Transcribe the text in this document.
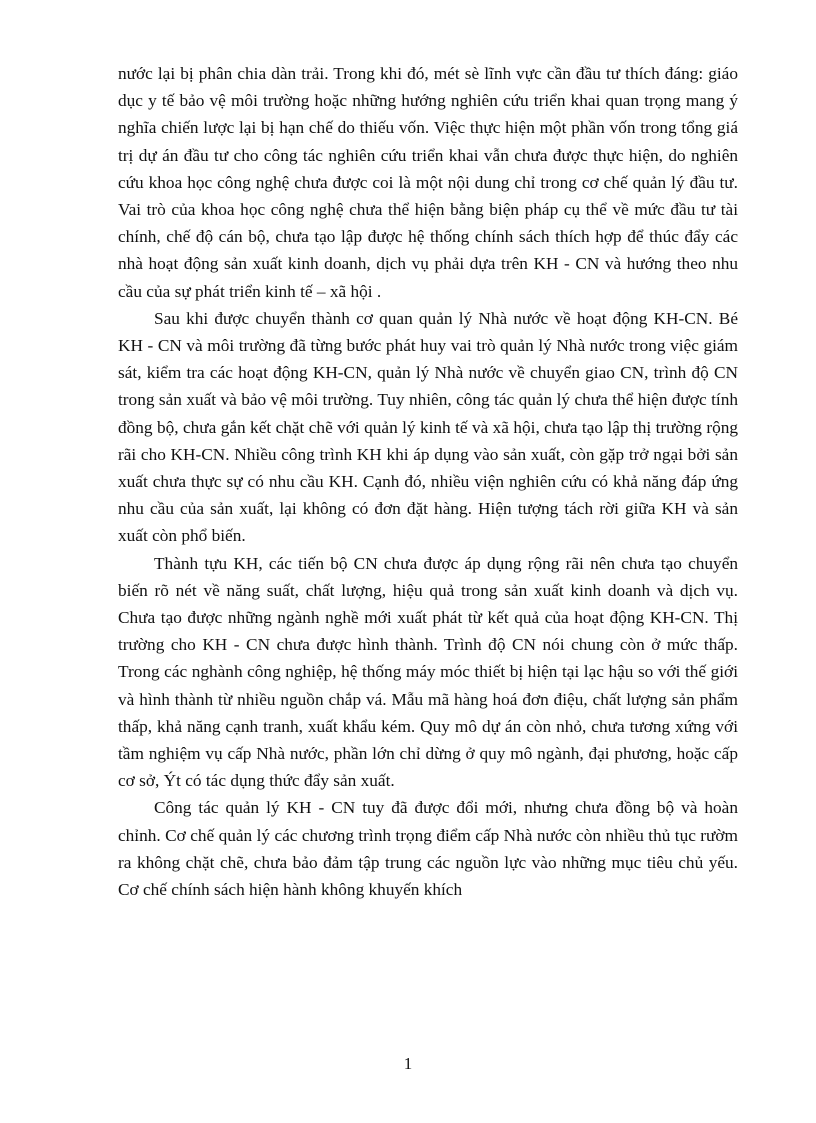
nước lại bị phân chia dàn trải. Trong khi đó, mét sè lĩnh vực cần đầu tư thích đáng: giáo dục y tế bảo vệ môi trường hoặc những hướng nghiên cứu triển khai quan trọng mang ý nghĩa chiến lược lại bị hạn chế do thiếu vốn. Việc thực hiện một phần vốn trong tổng giá trị dự án đầu tư cho công tác nghiên cứu triển khai vẫn chưa được thực hiện, do nghiên cứu khoa học công nghệ chưa được coi là một nội dung chỉ trong cơ chế quản lý đầu tư. Vai trò của khoa học công nghệ chưa thể hiện bằng biện pháp cụ thể về mức đầu tư tài chính, chế độ cán bộ, chưa tạo lập được hệ thống chính sách thích hợp để thúc đẩy các nhà hoạt động sản xuất kinh doanh, dịch vụ phải dựa trên KH - CN và hướng theo nhu cầu của sự phát triển kinh tế – xã hội .

Sau khi được chuyển thành cơ quan quản lý Nhà nước về hoạt động KH-CN. Bé KH - CN và môi trường đã từng bước phát huy vai trò quản lý Nhà nước trong việc giám sát, kiểm tra các hoạt động KH-CN, quản lý Nhà nước về chuyển giao CN, trình độ CN trong sản xuất và bảo vệ môi trường. Tuy nhiên, công tác quản lý chưa thể hiện được tính đồng bộ, chưa gắn kết chặt chẽ với quản lý kinh tế và xã hội, chưa tạo lập thị trường rộng rãi cho KH-CN. Nhiều công trình KH khi áp dụng vào sản xuất, còn gặp trở ngại bởi sản xuất chưa thực sự có nhu cầu KH. Cạnh đó, nhiều viện nghiên cứu có khả năng đáp ứng nhu cầu của sản xuất, lại không có đơn đặt hàng. Hiện tượng tách rời giữa KH và sản xuất còn phổ biến.

Thành tựu KH, các tiến bộ CN chưa được áp dụng rộng rãi nên chưa tạo chuyển biến rõ nét về năng suất, chất lượng, hiệu quả trong sản xuất kinh doanh và dịch vụ. Chưa tạo được những ngành nghề mới xuất phát từ kết quả của hoạt động KH-CN. Thị trường cho KH - CN chưa được hình thành. Trình độ CN nói chung còn ở mức thấp. Trong các nghành công nghiệp, hệ thống máy móc thiết bị hiện tại lạc hậu so với thế giới và hình thành từ nhiều nguồn chắp vá. Mẫu mã hàng hoá đơn điệu, chất lượng sản phẩm thấp, khả năng cạnh tranh, xuất khẩu kém. Quy mô dự án còn nhỏ, chưa tương xứng với tầm nghiệm vụ cấp Nhà nước, phần lớn chỉ dừng ở quy mô ngành, đại phương, hoặc cấp cơ sở, Ýt có tác dụng thức đẩy sản xuất.

Công tác quản lý KH - CN tuy đã được đổi mới, nhưng chưa đồng bộ và hoàn chỉnh. Cơ chế quản lý các chương trình trọng điểm cấp Nhà nước còn nhiều thủ tục rườm ra không chặt chẽ, chưa bảo đảm tập trung các nguồn lực vào những mục tiêu chủ yếu. Cơ chế chính sách hiện hành không khuyến khích

1
